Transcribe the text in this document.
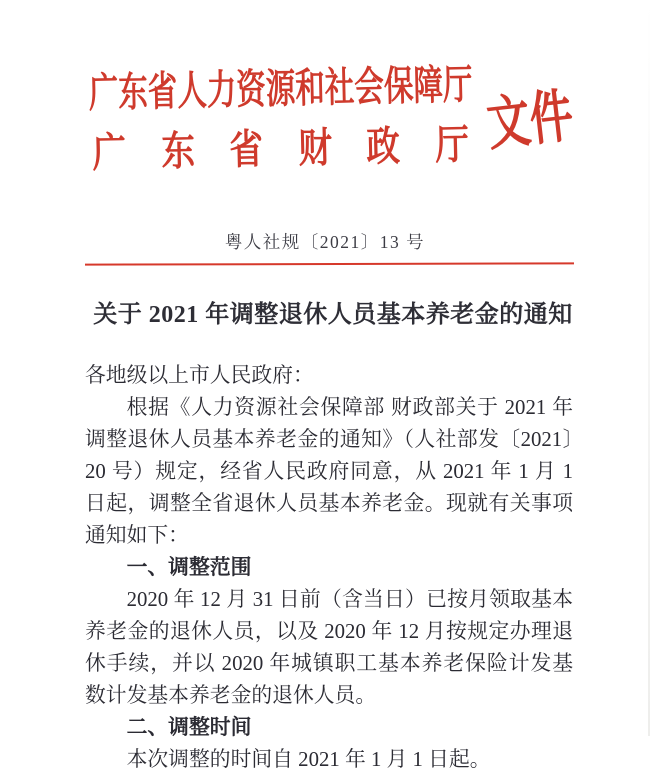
广东省人力资源和社会保障厅
广 东 省 财 政 厅 文件
粤人社规〔2021〕13 号
关于 2021 年调整退休人员基本养老金的通知

各地级以上市人民政府：

根据《人力资源社会保障部 财政部关于 2021 年调整退休人员基本养老金的通知》（人社部发〔2021〕20 号）规定，经省人民政府同意，从 2021 年 1 月 1 日起，调整全省退休人员基本养老金。现就有关事项通知如下：

一、调整范围

2020 年 12 月 31 日前（含当日）已按月领取基本养老金的退休人员，以及 2020 年 12 月按规定办理退休手续，并以 2020 年城镇职工基本养老保险计发基数计发基本养老金的退休人员。

二、调整时间

本次调整的时间自 2021 年 1 月 1 日起。
